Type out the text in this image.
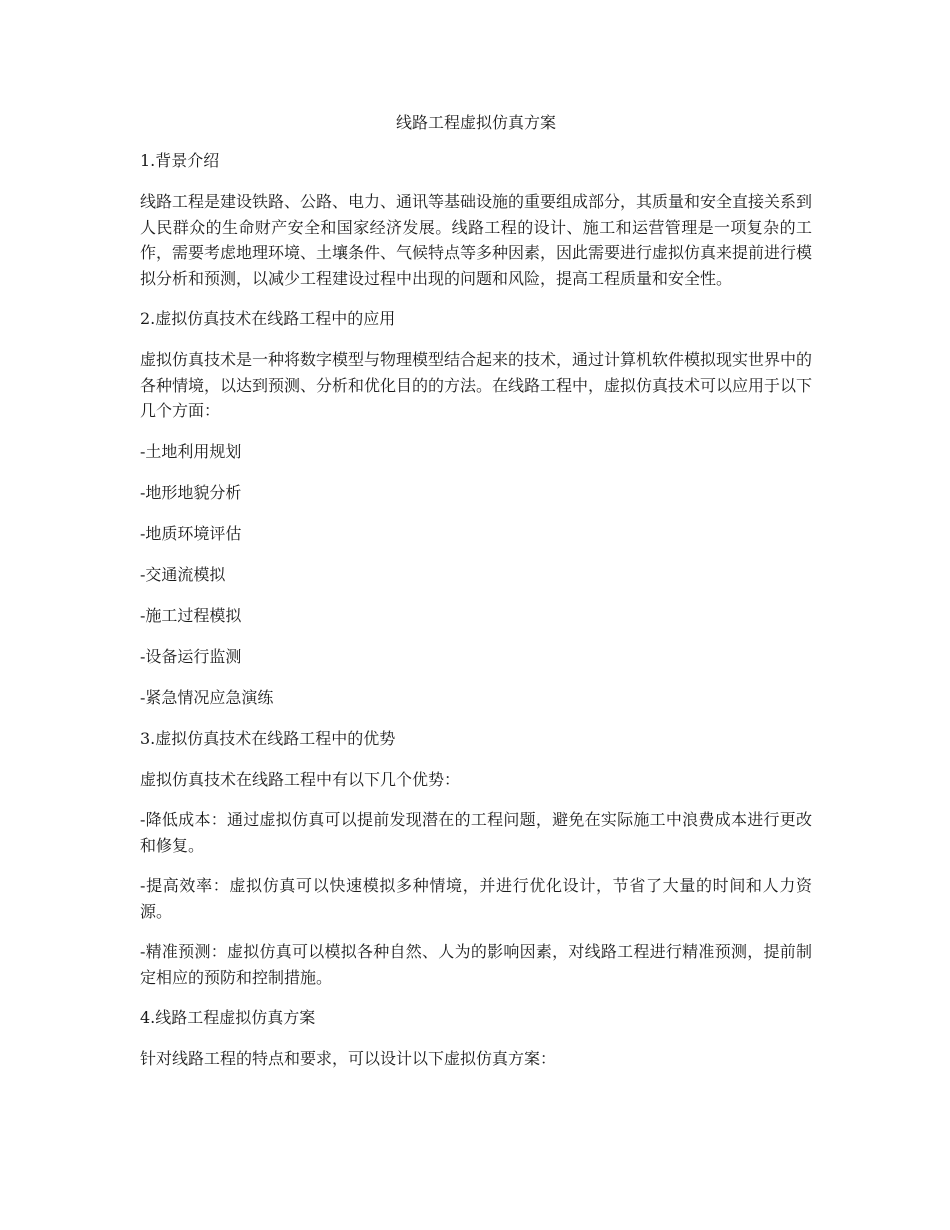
线路工程虚拟仿真方案
1.背景介绍
线路工程是建设铁路、公路、电力、通讯等基础设施的重要组成部分，其质量和安全直接关系到人民群众的生命财产安全和国家经济发展。线路工程的设计、施工和运营管理是一项复杂的工作，需要考虑地理环境、土壤条件、气候特点等多种因素，因此需要进行虚拟仿真来提前进行模拟分析和预测，以减少工程建设过程中出现的问题和风险，提高工程质量和安全性。
2.虚拟仿真技术在线路工程中的应用
虚拟仿真技术是一种将数字模型与物理模型结合起来的技术，通过计算机软件模拟现实世界中的各种情境，以达到预测、分析和优化目的的方法。在线路工程中，虚拟仿真技术可以应用于以下几个方面：
-土地利用规划
-地形地貌分析
-地质环境评估
-交通流模拟
-施工过程模拟
-设备运行监测
-紧急情况应急演练
3.虚拟仿真技术在线路工程中的优势
虚拟仿真技术在线路工程中有以下几个优势：
-降低成本：通过虚拟仿真可以提前发现潜在的工程问题，避免在实际施工中浪费成本进行更改和修复。
-提高效率：虚拟仿真可以快速模拟多种情境，并进行优化设计，节省了大量的时间和人力资源。
-精准预测：虚拟仿真可以模拟各种自然、人为的影响因素，对线路工程进行精准预测，提前制定相应的预防和控制措施。
4.线路工程虚拟仿真方案
针对线路工程的特点和要求，可以设计以下虚拟仿真方案：
